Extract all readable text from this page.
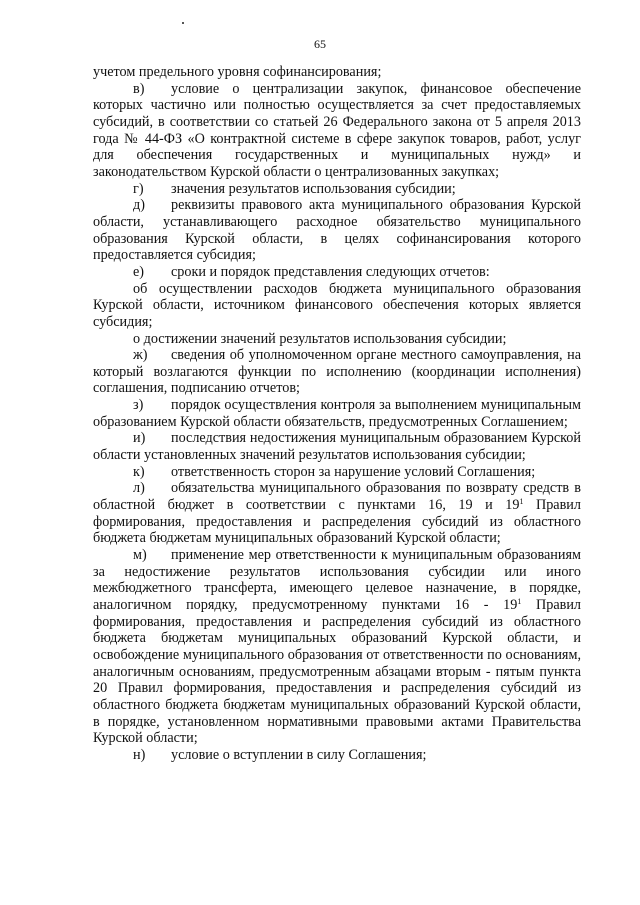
65

учетом предельного уровня софинансирования;

в) условие о централизации закупок, финансовое обеспечение которых частично или полностью осуществляется за счет предоставляемых субсидий, в соответствии со статьей 26 Федерального закона от 5 апреля 2013 года № 44-ФЗ «О контрактной системе в сфере закупок товаров, работ, услуг для обеспечения государственных и муниципальных нужд» и законодательством Курской области о централизованных закупках;

г) значения результатов использования субсидии;

д) реквизиты правового акта муниципального образования Курской области, устанавливающего расходное обязательство муниципального образования Курской области, в целях софинансирования которого предоставляется субсидия;

е) сроки и порядок представления следующих отчетов:

об осуществлении расходов бюджета муниципального образования Курской области, источником финансового обеспечения которых является субсидия;

о достижении значений результатов использования субсидии;

ж) сведения об уполномоченном органе местного самоуправления, на который возлагаются функции по исполнению (координации исполнения) соглашения, подписанию отчетов;

з) порядок осуществления контроля за выполнением муниципальным образованием Курской области обязательств, предусмотренных Соглашением;

и) последствия недостижения муниципальным образованием Курской области установленных значений результатов использования субсидии;

к) ответственность сторон за нарушение условий Соглашения;

л) обязательства муниципального образования по возврату средств в областной бюджет в соответствии с пунктами 16, 19 и $19^1$ Правил формирования, предоставления и распределения субсидий из областного бюджета бюджетам муниципальных образований Курской области;

м) применение мер ответственности к муниципальным образованиям за недостижение результатов использования субсидии или иного межбюджетного трансферта, имеющего целевое назначение, в порядке, аналогичном порядку, предусмотренному пунктами $16 - 19^1$ Правил формирования, предоставления и распределения субсидий из областного бюджета бюджетам муниципальных образований Курской области, и освобождение муниципального образования от ответственности по основаниям, аналогичным основаниям, предусмотренным абзацами вторым - пятым пункта 20 Правил формирования, предоставления и распределения субсидий из областного бюджета бюджетам муниципальных образований Курской области, в порядке, установленном нормативными правовыми актами Правительства Курской области;

н) условие о вступлении в силу Соглашения;
